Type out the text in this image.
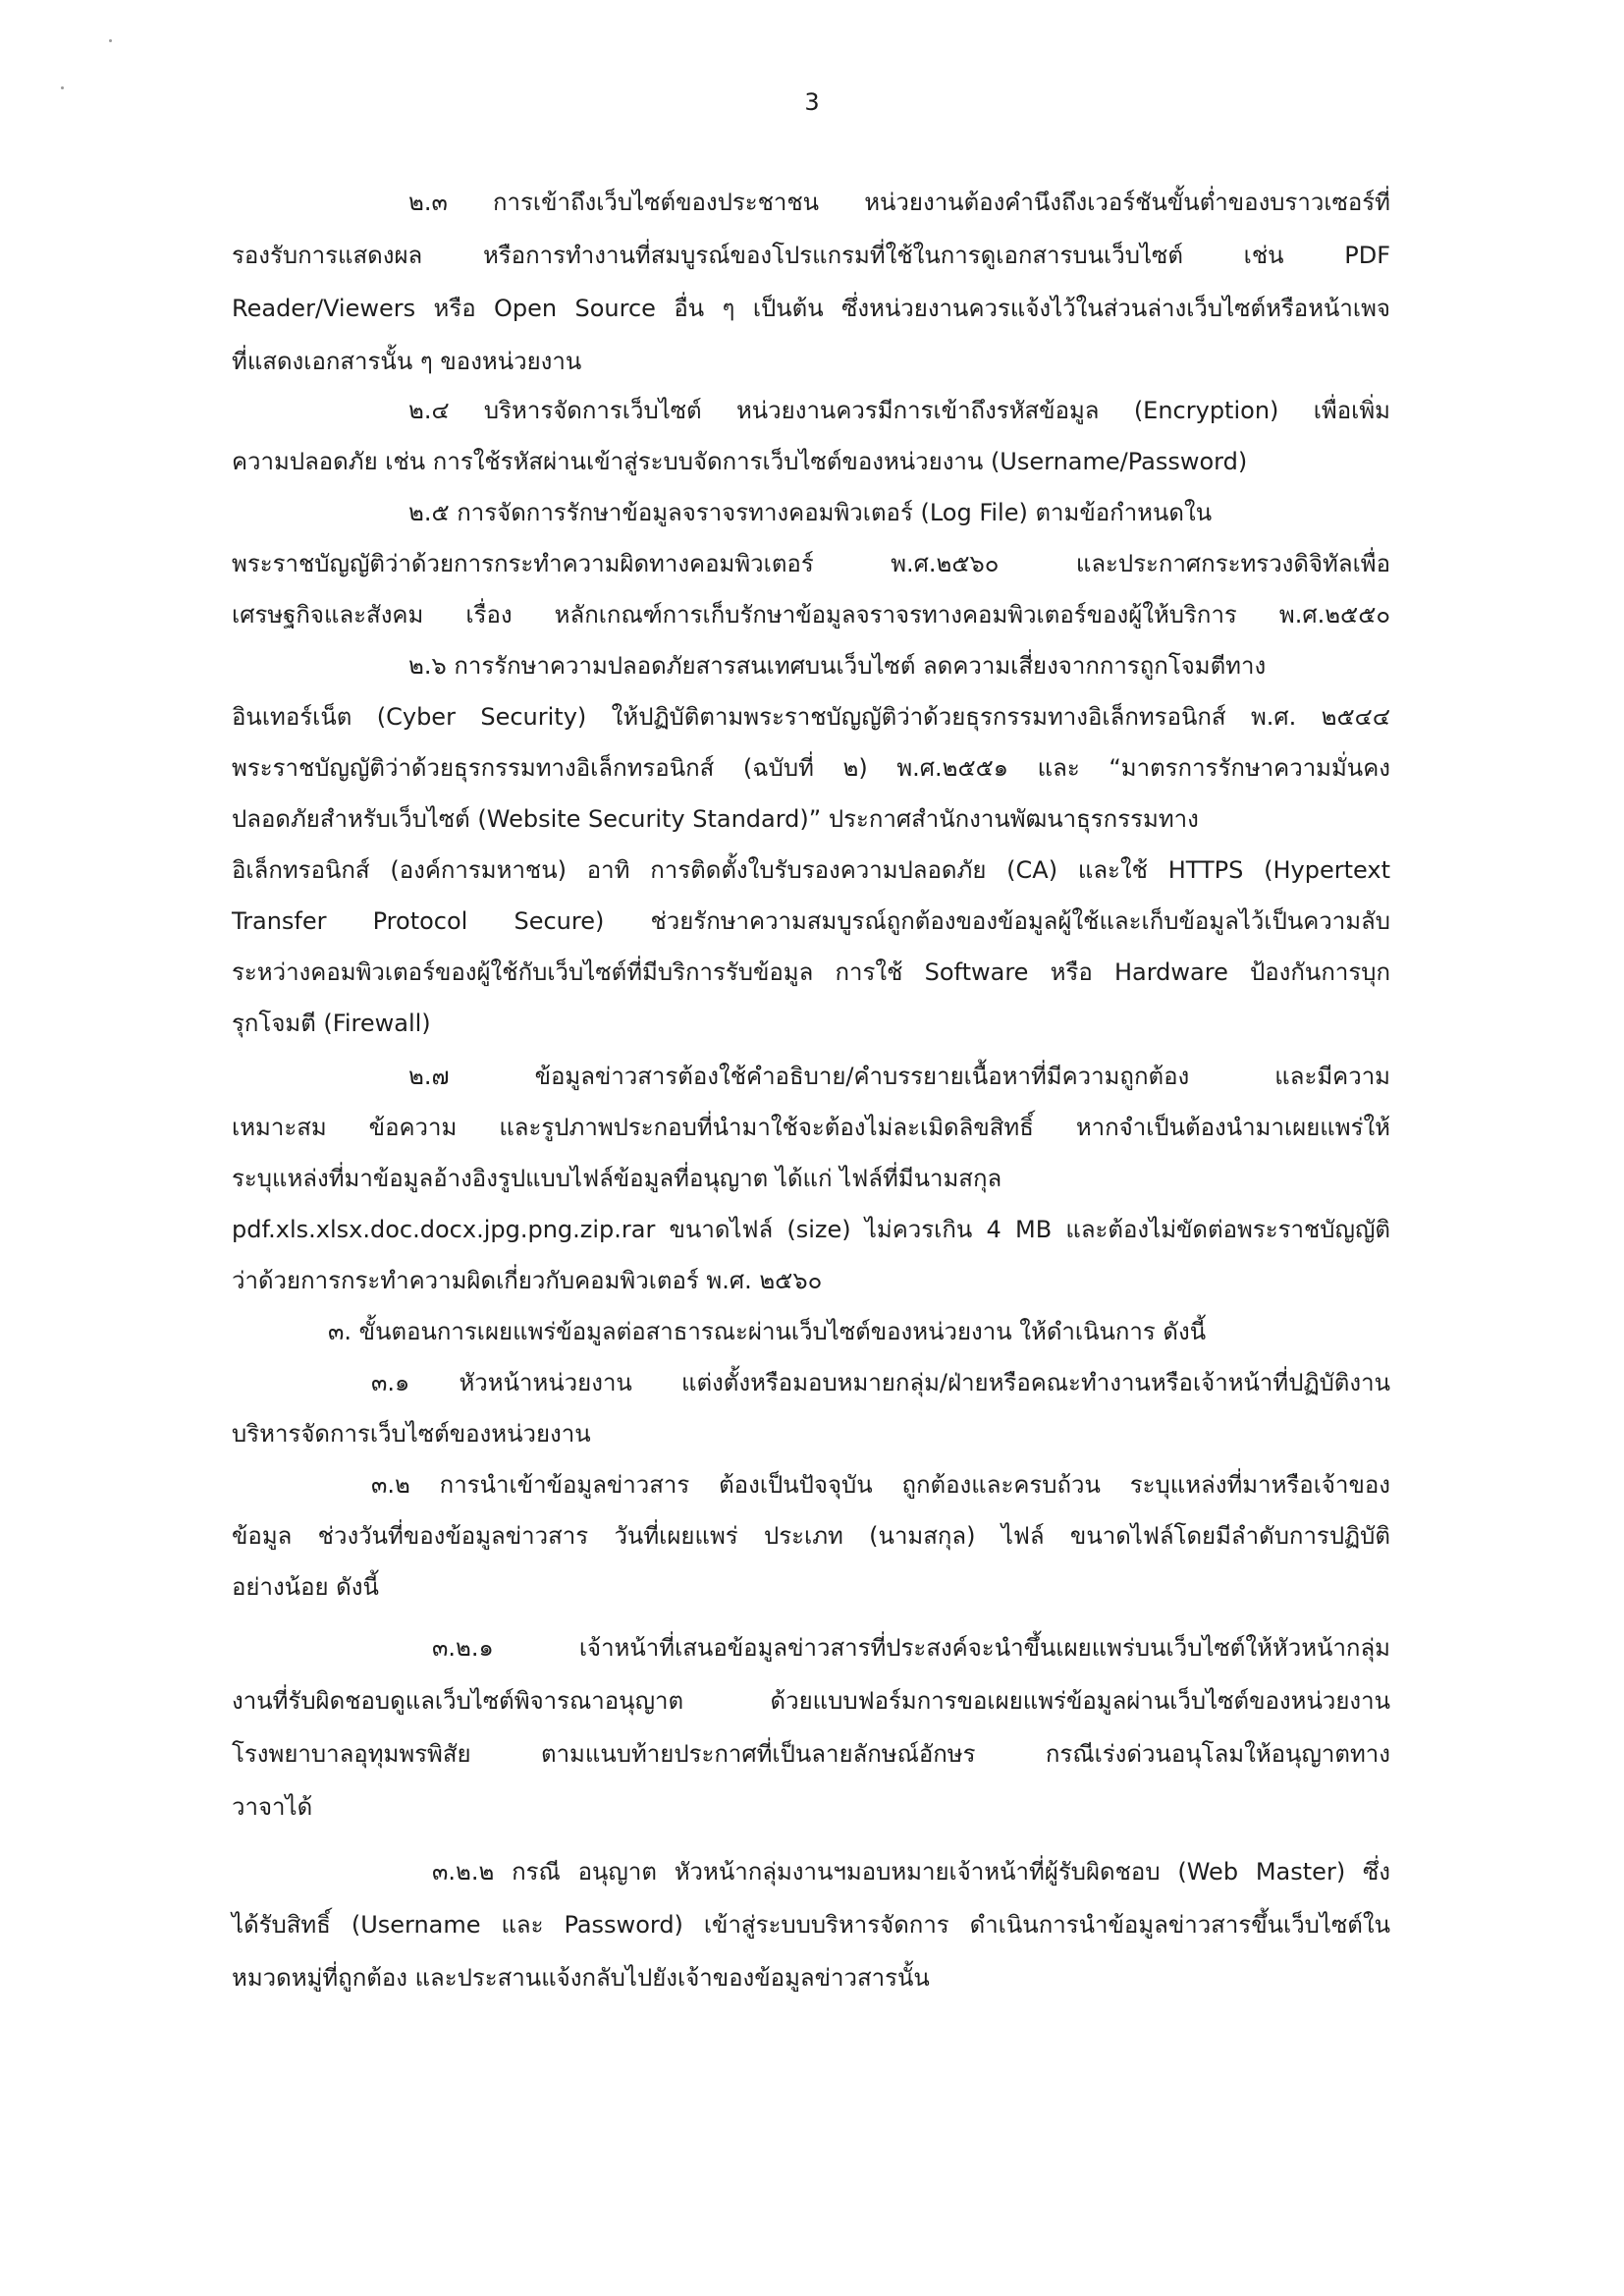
3
๒.๓ การเข้าถึงเว็บไซต์ของประชาชน หน่วยงานต้องคำนึงถึงเวอร์ชันขั้นต่ำของบราวเซอร์ที่
รองรับการแสดงผล หรือการทำงานที่สมบูรณ์ของโปรแกรมที่ใช้ในการดูเอกสารบนเว็บไซต์ เช่น PDF
Reader/Viewers หรือ Open Source อื่น ๆ เป็นต้น ซึ่งหน่วยงานควรแจ้งไว้ในส่วนล่างเว็บไซต์หรือหน้าเพจ
ที่แสดงเอกสารนั้น ๆ ของหน่วยงาน
๒.๔ บริหารจัดการเว็บไซต์ หน่วยงานควรมีการเข้าถึงรหัสข้อมูล (Encryption) เพื่อเพิ่ม
ความปลอดภัย เช่น การใช้รหัสผ่านเข้าสู่ระบบจัดการเว็บไซต์ของหน่วยงาน (Username/Password)
๒.๕ การจัดการรักษาข้อมูลจราจรทางคอมพิวเตอร์ (Log File) ตามข้อกำหนดใน
พระราชบัญญัติว่าด้วยการกระทำความผิดทางคอมพิวเตอร์ พ.ศ.๒๕๖๐ และประกาศกระทรวงดิจิทัลเพื่อ
เศรษฐกิจและสังคม เรื่อง หลักเกณฑ์การเก็บรักษาข้อมูลจราจรทางคอมพิวเตอร์ของผู้ให้บริการ พ.ศ.๒๕๕๐
๒.๖ การรักษาความปลอดภัยสารสนเทศบนเว็บไซต์ ลดความเสี่ยงจากการถูกโจมตีทาง
อินเทอร์เน็ต (Cyber Security) ให้ปฏิบัติตามพระราชบัญญัติว่าด้วยธุรกรรมทางอิเล็กทรอนิกส์ พ.ศ. ๒๕๔๔
พระราชบัญญัติว่าด้วยธุรกรรมทางอิเล็กทรอนิกส์ (ฉบับที่ ๒) พ.ศ.๒๕๕๑ และ “มาตรการรักษาความมั่นคง
ปลอดภัยสำหรับเว็บไซต์ (Website Security Standard)” ประกาศสำนักงานพัฒนาธุรกรรมทาง
อิเล็กทรอนิกส์ (องค์การมหาชน) อาทิ การติดตั้งใบรับรองความปลอดภัย (CA) และใช้ HTTPS (Hypertext
Transfer Protocol Secure) ช่วยรักษาความสมบูรณ์ถูกต้องของข้อมูลผู้ใช้และเก็บข้อมูลไว้เป็นความลับ
ระหว่างคอมพิวเตอร์ของผู้ใช้กับเว็บไซต์ที่มีบริการรับข้อมูล การใช้ Software หรือ Hardware ป้องกันการบุก
รุกโจมตี (Firewall)
๒.๗ ข้อมูลข่าวสารต้องใช้คำอธิบาย/คำบรรยายเนื้อหาที่มีความถูกต้อง และมีความ
เหมาะสม ข้อความ และรูปภาพประกอบที่นำมาใช้จะต้องไม่ละเมิดลิขสิทธิ์ หากจำเป็นต้องนำมาเผยแพร่ให้
ระบุแหล่งที่มาข้อมูลอ้างอิงรูปแบบไฟล์ข้อมูลที่อนุญาต ได้แก่ ไฟล์ที่มีนามสกุล
pdf.xls.xlsx.doc.docx.jpg.png.zip.rar ขนาดไฟล์ (size) ไม่ควรเกิน 4 MB และต้องไม่ขัดต่อพระราชบัญญัติ
ว่าด้วยการกระทำความผิดเกี่ยวกับคอมพิวเตอร์ พ.ศ. ๒๕๖๐
๓. ขั้นตอนการเผยแพร่ข้อมูลต่อสาธารณะผ่านเว็บไซต์ของหน่วยงาน ให้ดำเนินการ ดังนี้
๓.๑ หัวหน้าหน่วยงาน แต่งตั้งหรือมอบหมายกลุ่ม/ฝ่ายหรือคณะทำงานหรือเจ้าหน้าที่ปฏิบัติงาน
บริหารจัดการเว็บไซต์ของหน่วยงาน
๓.๒ การนำเข้าข้อมูลข่าวสาร ต้องเป็นปัจจุบัน ถูกต้องและครบถ้วน ระบุแหล่งที่มาหรือเจ้าของ
ข้อมูล ช่วงวันที่ของข้อมูลข่าวสาร วันที่เผยแพร่ ประเภท (นามสกุล) ไฟล์ ขนาดไฟล์โดยมีลำดับการปฏิบัติ
อย่างน้อย ดังนี้
๓.๒.๑ เจ้าหน้าที่เสนอข้อมูลข่าวสารที่ประสงค์จะนำขึ้นเผยแพร่บนเว็บไซต์ให้หัวหน้ากลุ่ม
งานที่รับผิดชอบดูแลเว็บไซต์พิจารณาอนุญาต ด้วยแบบฟอร์มการขอเผยแพร่ข้อมูลผ่านเว็บไซต์ของหน่วยงาน
โรงพยาบาลอุทุมพรพิสัย ตามแนบท้ายประกาศที่เป็นลายลักษณ์อักษร กรณีเร่งด่วนอนุโลมให้อนุญาตทาง
วาจาได้
๓.๒.๒ กรณี อนุญาต หัวหน้ากลุ่มงานฯมอบหมายเจ้าหน้าที่ผู้รับผิดชอบ (Web Master) ซึ่ง
ได้รับสิทธิ์ (Username และ Password) เข้าสู่ระบบบริหารจัดการ ดำเนินการนำข้อมูลข่าวสารขึ้นเว็บไซต์ใน
หมวดหมู่ที่ถูกต้อง และประสานแจ้งกลับไปยังเจ้าของข้อมูลข่าวสารนั้น
